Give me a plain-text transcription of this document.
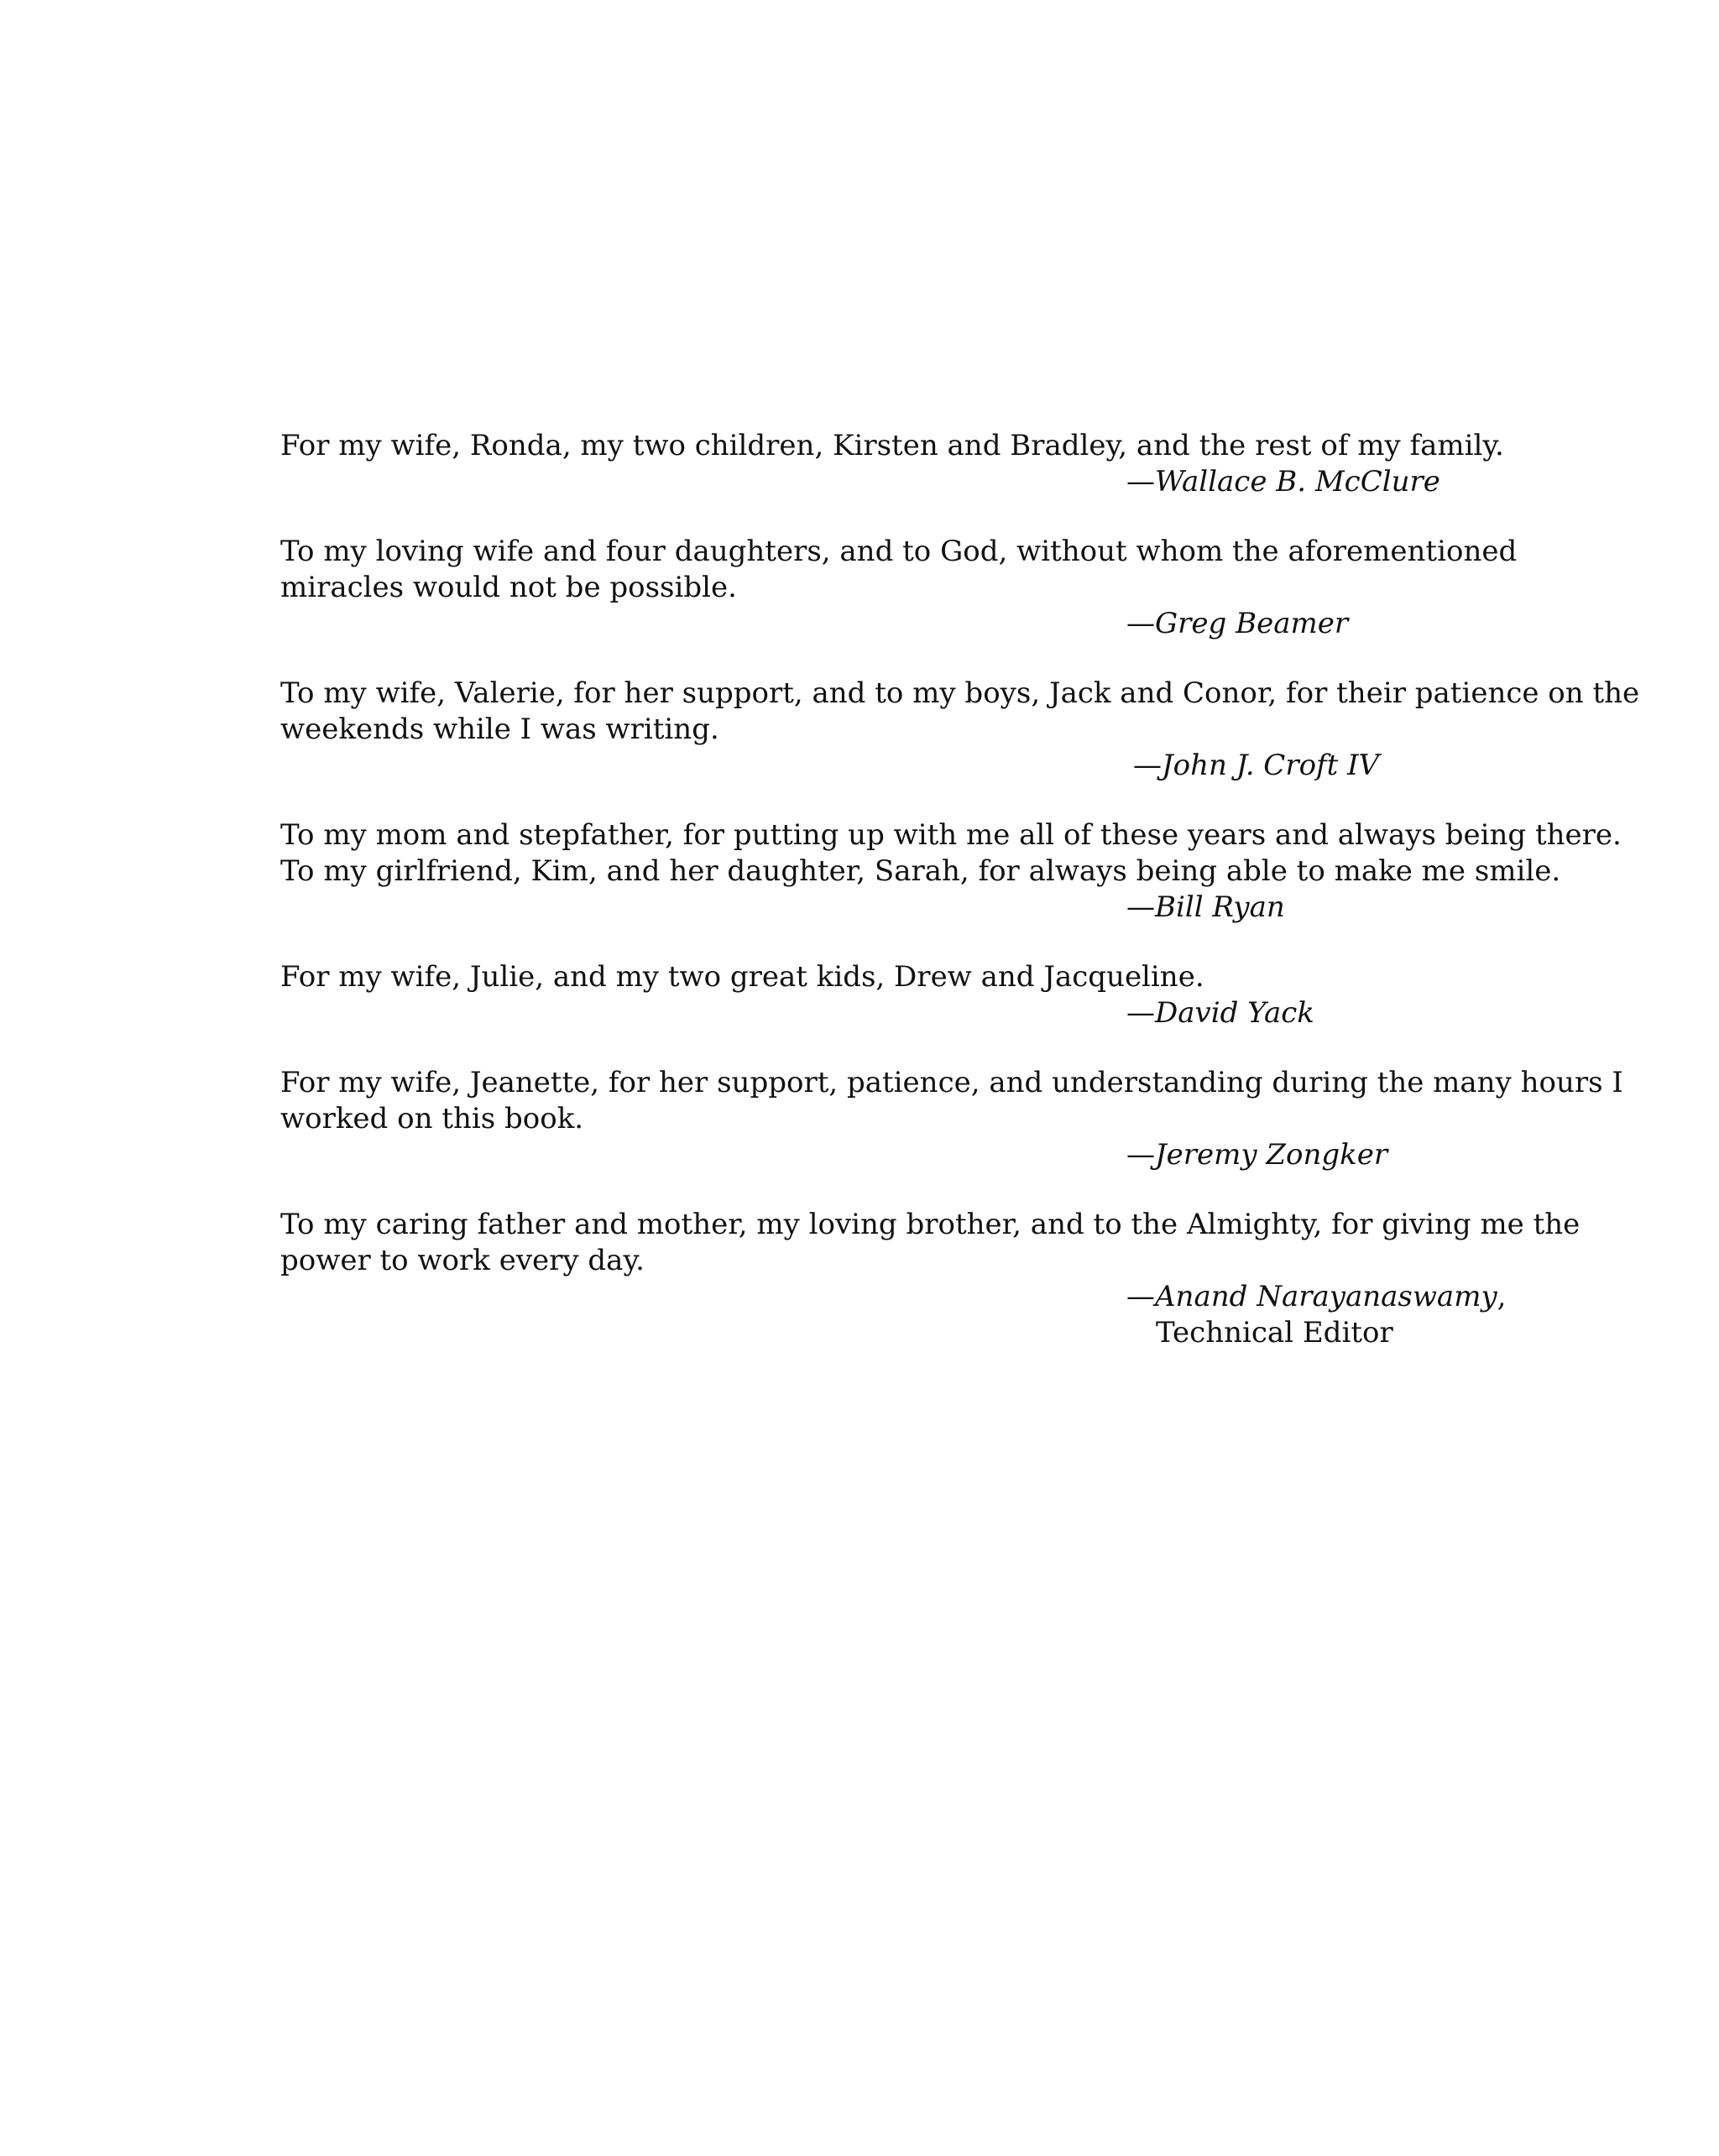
For my wife, Ronda, my two children, Kirsten and Bradley, and the rest of my family.

—Wallace B. McClure

To my loving wife and four daughters, and to God, without whom the aforementioned miracles would not be possible.

—Greg Beamer

To my wife, Valerie, for her support, and to my boys, Jack and Conor, for their patience on the weekends while I was writing.

—John J. Croft IV

To my mom and stepfather, for putting up with me all of these years and always being there. To my girlfriend, Kim, and her daughter, Sarah, for always being able to make me smile.

—Bill Ryan

For my wife, Julie, and my two great kids, Drew and Jacqueline.

—David Yack

For my wife, Jeanette, for her support, patience, and understanding during the many hours I worked on this book.

—Jeremy Zongker

To my caring father and mother, my loving brother, and to the Almighty, for giving me the power to work every day.

—Anand Narayanaswamy,

Technical Editor
